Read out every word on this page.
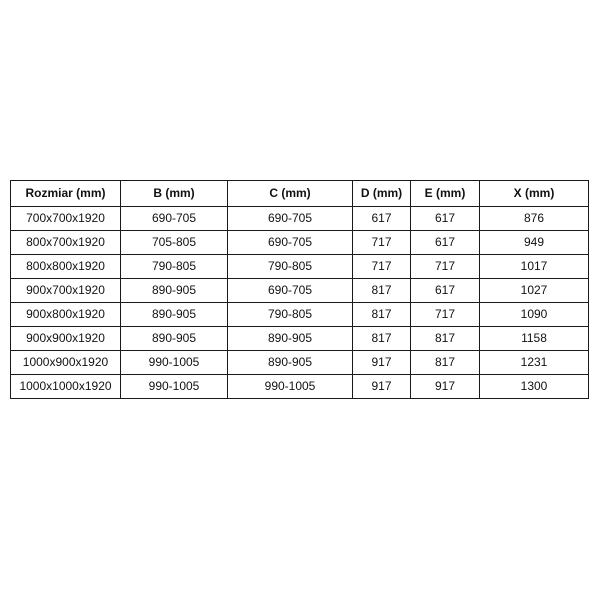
Rozmiar (mm)	B (mm)	C (mm)	D (mm)	E (mm)	X (mm)
700x700x1920	690-705	690-705	617	617	876
800x700x1920	705-805	690-705	717	617	949
800x800x1920	790-805	790-805	717	717	1017
900x700x1920	890-905	690-705	817	617	1027
900x800x1920	890-905	790-805	817	717	1090
900x900x1920	890-905	890-905	817	817	1158
1000x900x1920	990-1005	890-905	917	817	1231
1000x1000x1920	990-1005	990-1005	917	917	1300
